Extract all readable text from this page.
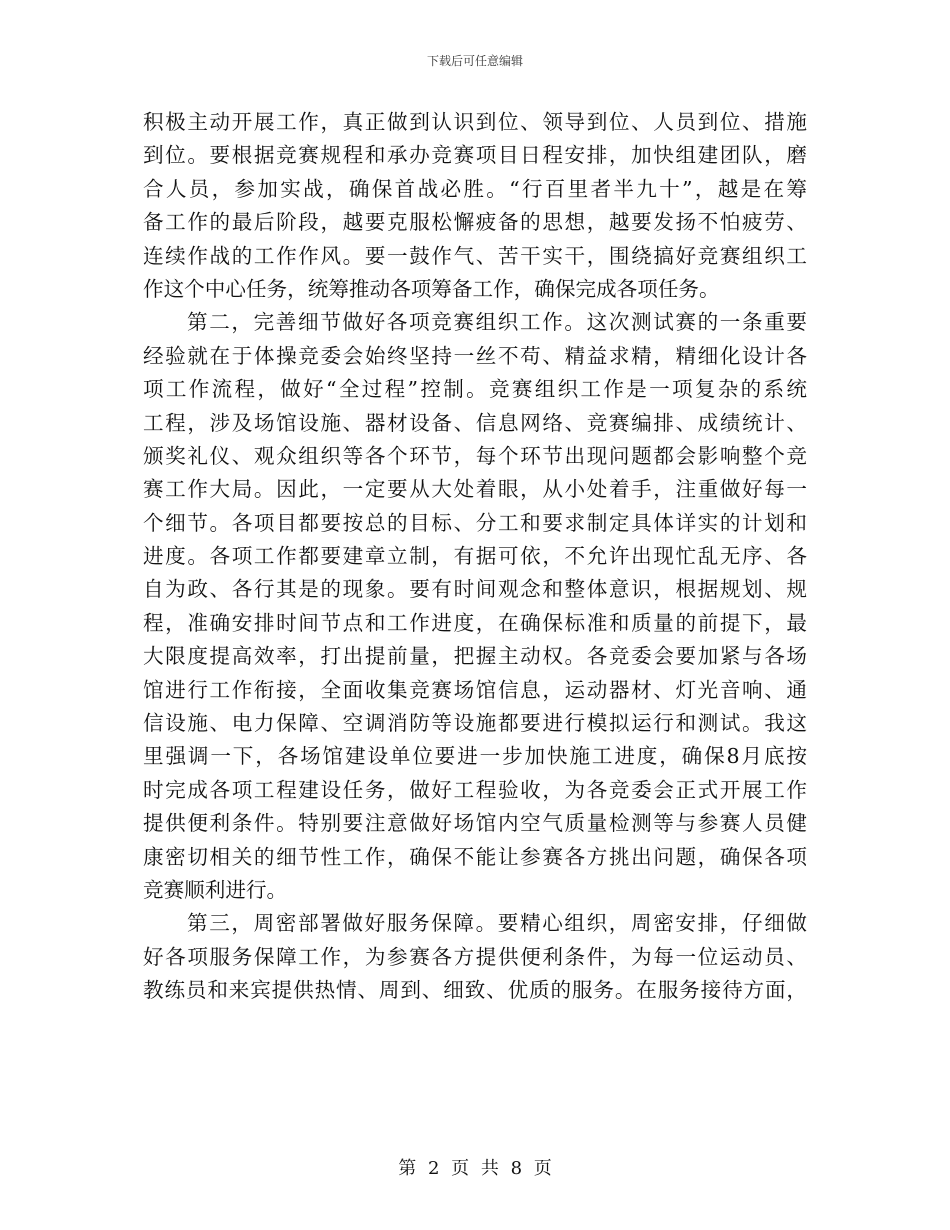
下载后可任意编辑
积极主动开展工作，真正做到认识到位、领导到位、人员到位、措施
到位。要根据竞赛规程和承办竞赛项目日程安排，加快组建团队，磨
合人员，参加实战，确保首战必胜。“行百里者半九十”，越是在筹
备工作的最后阶段，越要克服松懈疲备的思想，越要发扬不怕疲劳、
连续作战的工作作风。要一鼓作气、苦干实干，围绕搞好竞赛组织工
作这个中心任务，统筹推动各项筹备工作，确保完成各项任务。
第二，完善细节做好各项竞赛组织工作。这次测试赛的一条重要
经验就在于体操竞委会始终坚持一丝不苟、精益求精，精细化设计各
项工作流程，做好“全过程”控制。竞赛组织工作是一项复杂的系统
工程，涉及场馆设施、器材设备、信息网络、竞赛编排、成绩统计、
颁奖礼仪、观众组织等各个环节，每个环节出现问题都会影响整个竞
赛工作大局。因此，一定要从大处着眼，从小处着手，注重做好每一
个细节。各项目都要按总的目标、分工和要求制定具体详实的计划和
进度。各项工作都要建章立制，有据可依，不允许出现忙乱无序、各
自为政、各行其是的现象。要有时间观念和整体意识，根据规划、规
程，准确安排时间节点和工作进度，在确保标准和质量的前提下，最
大限度提高效率，打出提前量，把握主动权。各竞委会要加紧与各场
馆进行工作衔接，全面收集竞赛场馆信息，运动器材、灯光音响、通
信设施、电力保障、空调消防等设施都要进行模拟运行和测试。我这
里强调一下，各场馆建设单位要进一步加快施工进度，确保8月底按
时完成各项工程建设任务，做好工程验收，为各竞委会正式开展工作
提供便利条件。特别要注意做好场馆内空气质量检测等与参赛人员健
康密切相关的细节性工作，确保不能让参赛各方挑出问题，确保各项
竞赛顺利进行。
第三，周密部署做好服务保障。要精心组织，周密安排，仔细做
好各项服务保障工作，为参赛各方提供便利条件，为每一位运动员、
教练员和来宾提供热情、周到、细致、优质的服务。在服务接待方面，
第 2 页 共 8 页
